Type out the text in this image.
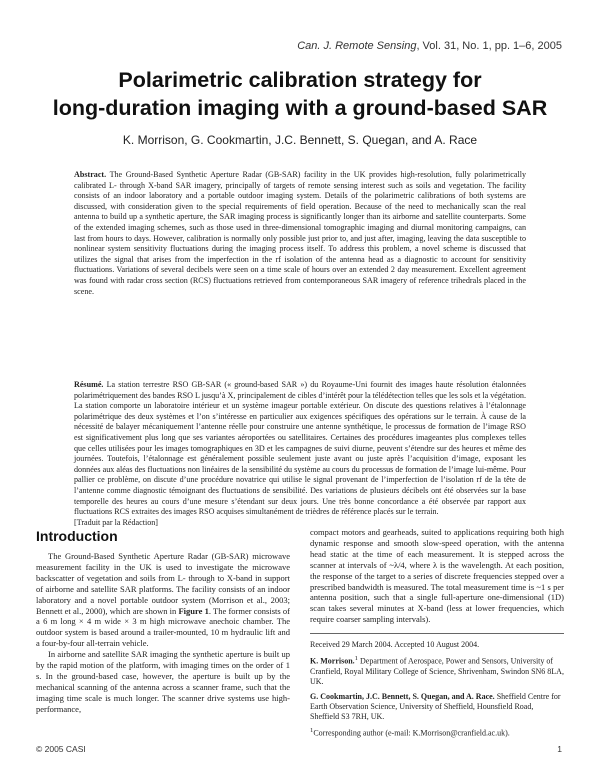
Can. J. Remote Sensing, Vol. 31, No. 1, pp. 1–6, 2005
Polarimetric calibration strategy for
long-duration imaging with a ground-based SAR
K. Morrison, G. Cookmartin, J.C. Bennett, S. Quegan, and A. Race
Abstract. The Ground-Based Synthetic Aperture Radar (GB-SAR) facility in the UK provides high-resolution, fully polarimetrically calibrated L- through X-band SAR imagery, principally of targets of remote sensing interest such as soils and vegetation. The facility consists of an indoor laboratory and a portable outdoor imaging system. Details of the polarimetric calibrations of both systems are discussed, with consideration given to the special requirements of field operation. Because of the need to mechanically scan the real antenna to build up a synthetic aperture, the SAR imaging process is significantly longer than its airborne and satellite counterparts. Some of the extended imaging schemes, such as those used in three-dimensional tomographic imaging and diurnal monitoring campaigns, can last from hours to days. However, calibration is normally only possible just prior to, and just after, imaging, leaving the data susceptible to nonlinear system sensitivity fluctuations during the imaging process itself. To address this problem, a novel scheme is discussed that utilizes the signal that arises from the imperfection in the rf isolation of the antenna head as a diagnostic to account for sensitivity fluctuations. Variations of several decibels were seen on a time scale of hours over an extended 2 day measurement. Excellent agreement was found with radar cross section (RCS) fluctuations retrieved from contemporaneous SAR imagery of reference trihedrals placed in the scene.
Résumé. La station terrestre RSO GB-SAR (« ground-based SAR ») du Royaume-Uni fournit des images haute résolution étalonnées polarimétriquement des bandes RSO L jusqu’à X, principalement de cibles d’intérêt pour la télédétection telles que les sols et la végétation. La station comporte un laboratoire intérieur et un système imageur portable extérieur. On discute des questions relatives à l’étalonnage polarimétrique des deux systèmes et l’on s’intéresse en particulier aux exigences spécifiques des opérations sur le terrain. À cause de la nécessité de balayer mécaniquement l’antenne réelle pour construire une antenne synthétique, le processus de formation de l’image RSO est significativement plus long que ses variantes aéroportées ou satellitaires. Certaines des procédures imageantes plus complexes telles que celles utilisées pour les images tomographiques en 3D et les campagnes de suivi diurne, peuvent s’étendre sur des heures et même des journées. Toutefois, l’étalonnage est généralement possible seulement juste avant ou juste après l’acquisition d’image, exposant les données aux aléas des fluctuations non linéaires de la sensibilité du système au cours du processus de formation de l’image lui-même. Pour pallier ce problème, on discute d’une procédure novatrice qui utilise le signal provenant de l’imperfection de l’isolation rf de la tête de l’antenne comme diagnostic témoignant des fluctuations de sensibilité. Des variations de plusieurs décibels ont été observées sur la base temporelle des heures au cours d’une mesure s’étendant sur deux jours. Une très bonne concordance a été observée par rapport aux fluctuations RCS extraites des images RSO acquises simultanément de trièdres de référence placés sur le terrain.
[Traduit par la Rédaction]
Introduction

The Ground-Based Synthetic Aperture Radar (GB-SAR) microwave measurement facility in the UK is used to investigate the microwave backscatter of vegetation and soils from L- through to X-band in support of airborne and satellite SAR platforms. The facility consists of an indoor laboratory and a novel portable outdoor system (Morrison et al., 2003; Bennett et al., 2000), which are shown in Figure 1. The former consists of a 6 m long × 4 m wide × 3 m high microwave anechoic chamber. The outdoor system is based around a trailer-mounted, 10 m hydraulic lift and a four-by-four all-terrain vehicle.

In airborne and satellite SAR imaging the synthetic aperture is built up by the rapid motion of the platform, with imaging times on the order of 1 s. In the ground-based case, however, the aperture is built up by the mechanical scanning of the antenna across a scanner frame, such that the imaging time scale is much longer. The scanner drive systems use high-performance,

compact motors and gearheads, suited to applications requiring both high dynamic response and smooth slow-speed operation, with the antenna head static at the time of each measurement. It is stepped across the scanner at intervals of ~λ/4, where λ is the wavelength. At each position, the response of the target to a series of discrete frequencies stepped over a prescribed bandwidth is measured. The total measurement time is ~1 s per antenna position, such that a single full-aperture one-dimensional (1D) scan takes several minutes at X-band (less at lower frequencies, which require coarser sampling intervals).

Received 29 March 2004. Accepted 10 August 2004.

K. Morrison.$^1$ Department of Aerospace, Power and Sensors, University of Cranfield, Royal Military College of Science, Shrivenham, Swindon SN6 8LA, UK.

G. Cookmartin, J.C. Bennett, S. Quegan, and A. Race. Sheffield Centre for Earth Observation Science, University of Sheffield, Hounsfield Road, Sheffield S3 7RH, UK.

$^1$Corresponding author (e-mail: K.Morrison@cranfield.ac.uk).

© 2005 CASI	1
